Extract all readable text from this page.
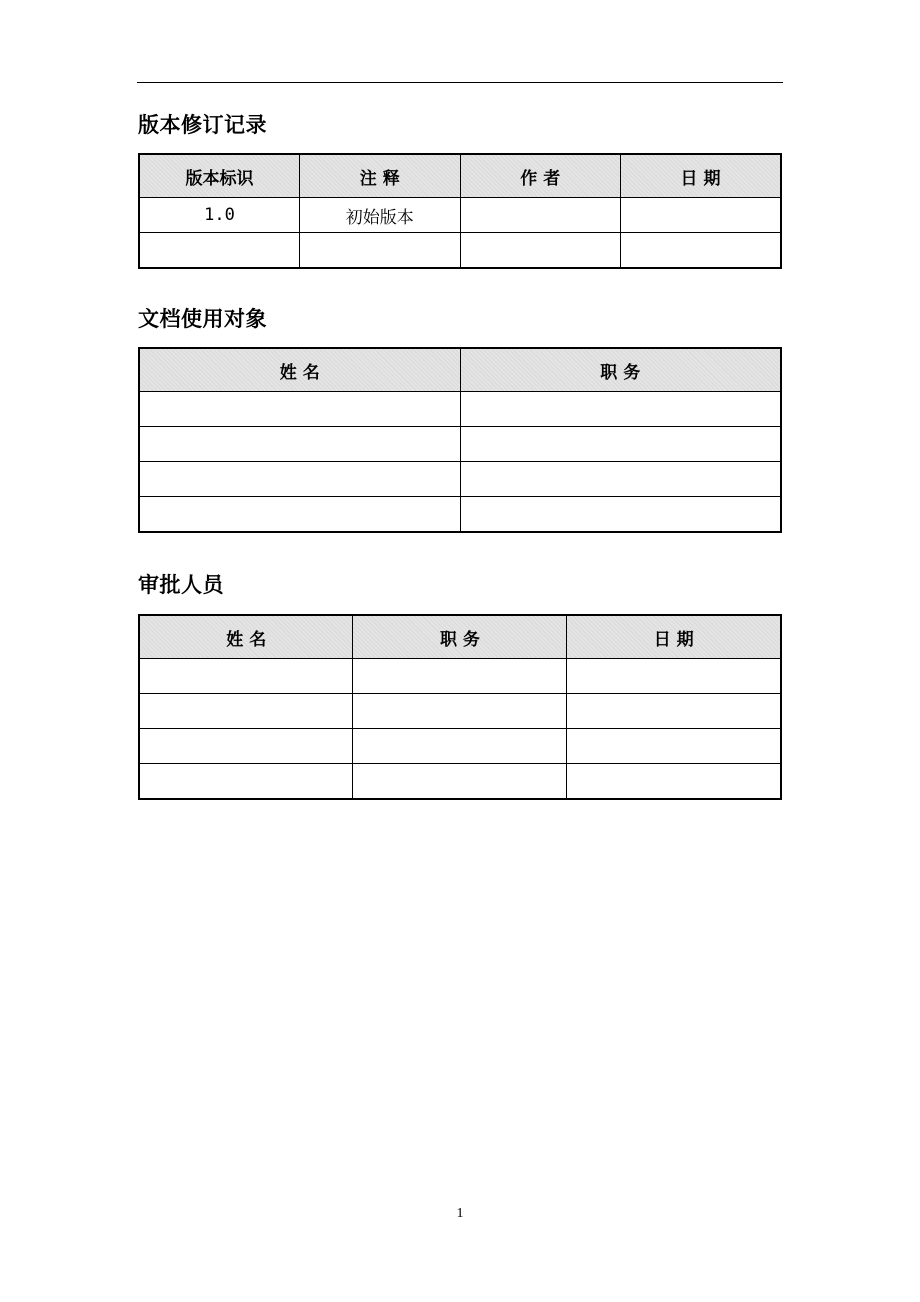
版本修订记录
版本标识	注 释	作 者	日 期
1.0	初始版本		

文档使用对象
姓 名	职 务

审批人员
姓 名	职 务	日 期

1
